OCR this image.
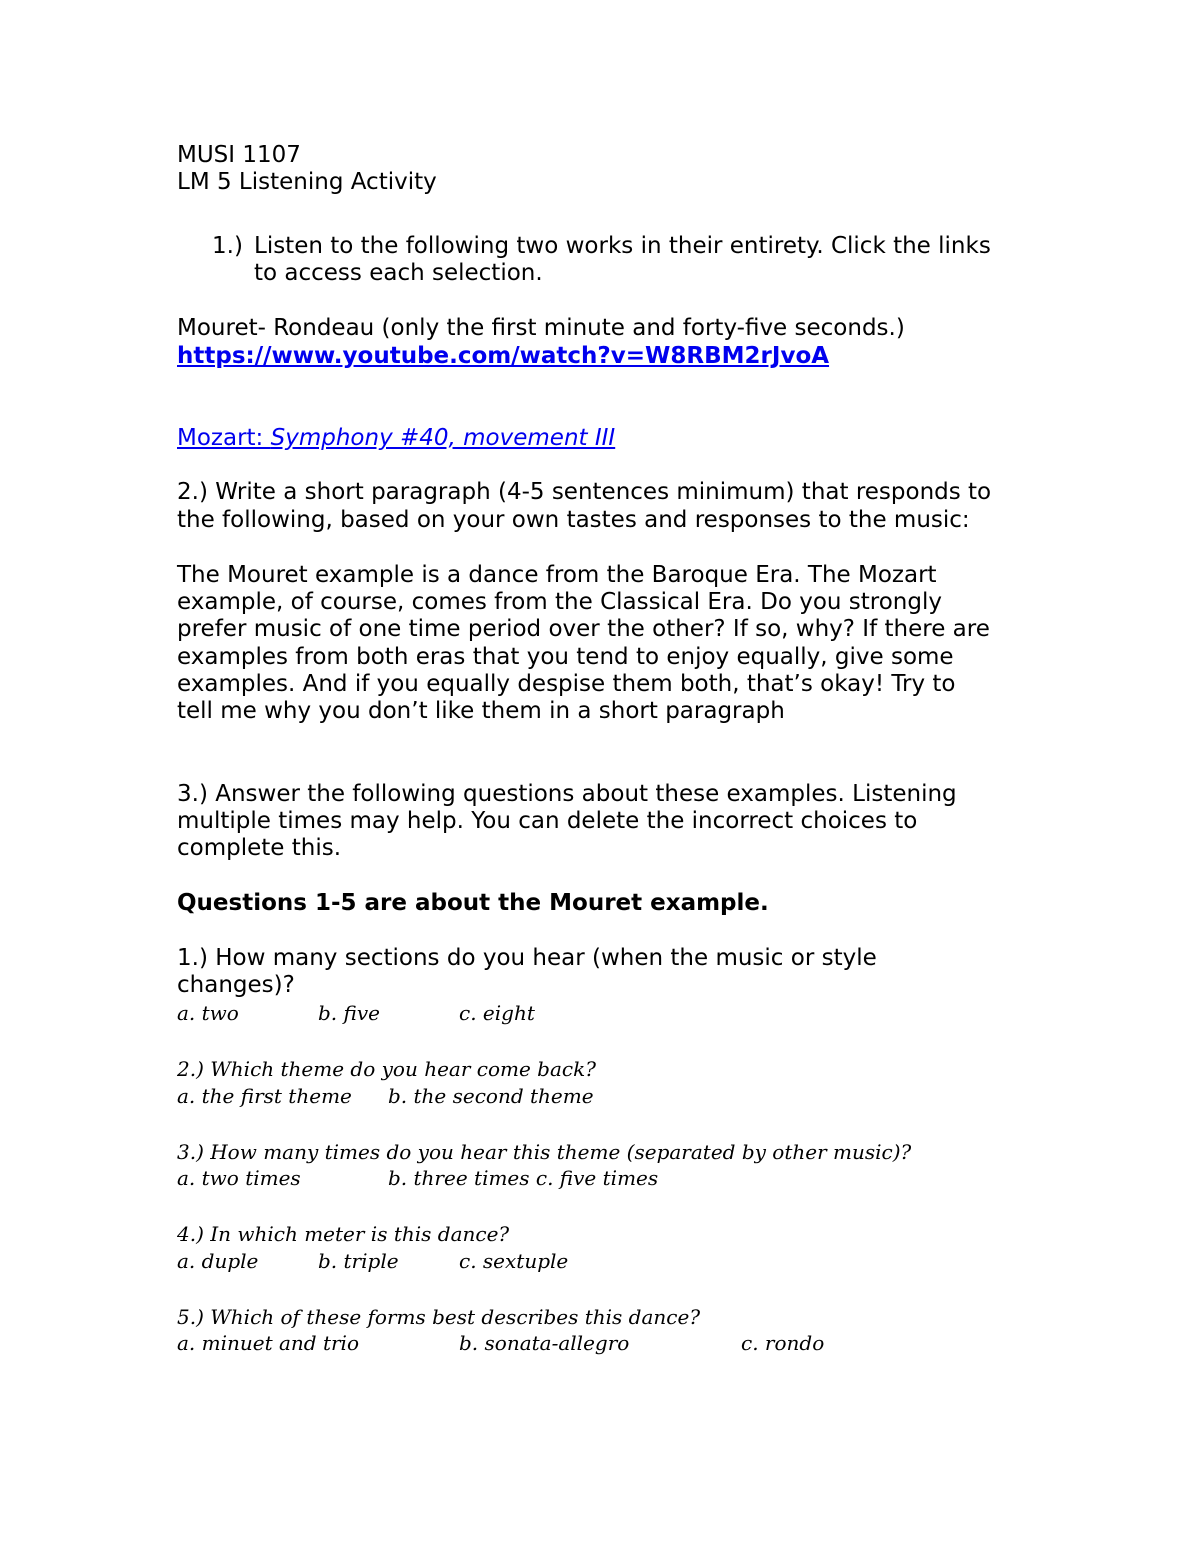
MUSI 1107
LM 5 Listening Activity
1.) Listen to the following two works in their entirety. Click the links
to access each selection.
Mouret- Rondeau (only the first minute and forty-five seconds.)
https://www.youtube.com/watch?v=W8RBM2rJvoA
Mozart: Symphony #40, movement III
2.) Write a short paragraph (4-5 sentences minimum) that responds to
the following, based on your own tastes and responses to the music:
The Mouret example is a dance from the Baroque Era. The Mozart
example, of course, comes from the Classical Era. Do you strongly
prefer music of one time period over the other? If so, why? If there are
examples from both eras that you tend to enjoy equally, give some
examples. And if you equally despise them both, that’s okay! Try to
tell me why you don’t like them in a short paragraph
3.) Answer the following questions about these examples. Listening
multiple times may help. You can delete the incorrect choices to
complete this.
Questions 1-5 are about the Mouret example.
1.) How many sections do you hear (when the music or style
changes)?
a. two	b. five	c. eight
2.) Which theme do you hear come back?
a. the first theme b. the second theme
3.) How many times do you hear this theme (separated by other music)?
a. two times	b. three times c. five times
4.) In which meter is this dance?
a. duple	b. triple	c. sextuple
5.) Which of these forms best describes this dance?
a. minuet and trio	b. sonata-allegro	c. rondo
